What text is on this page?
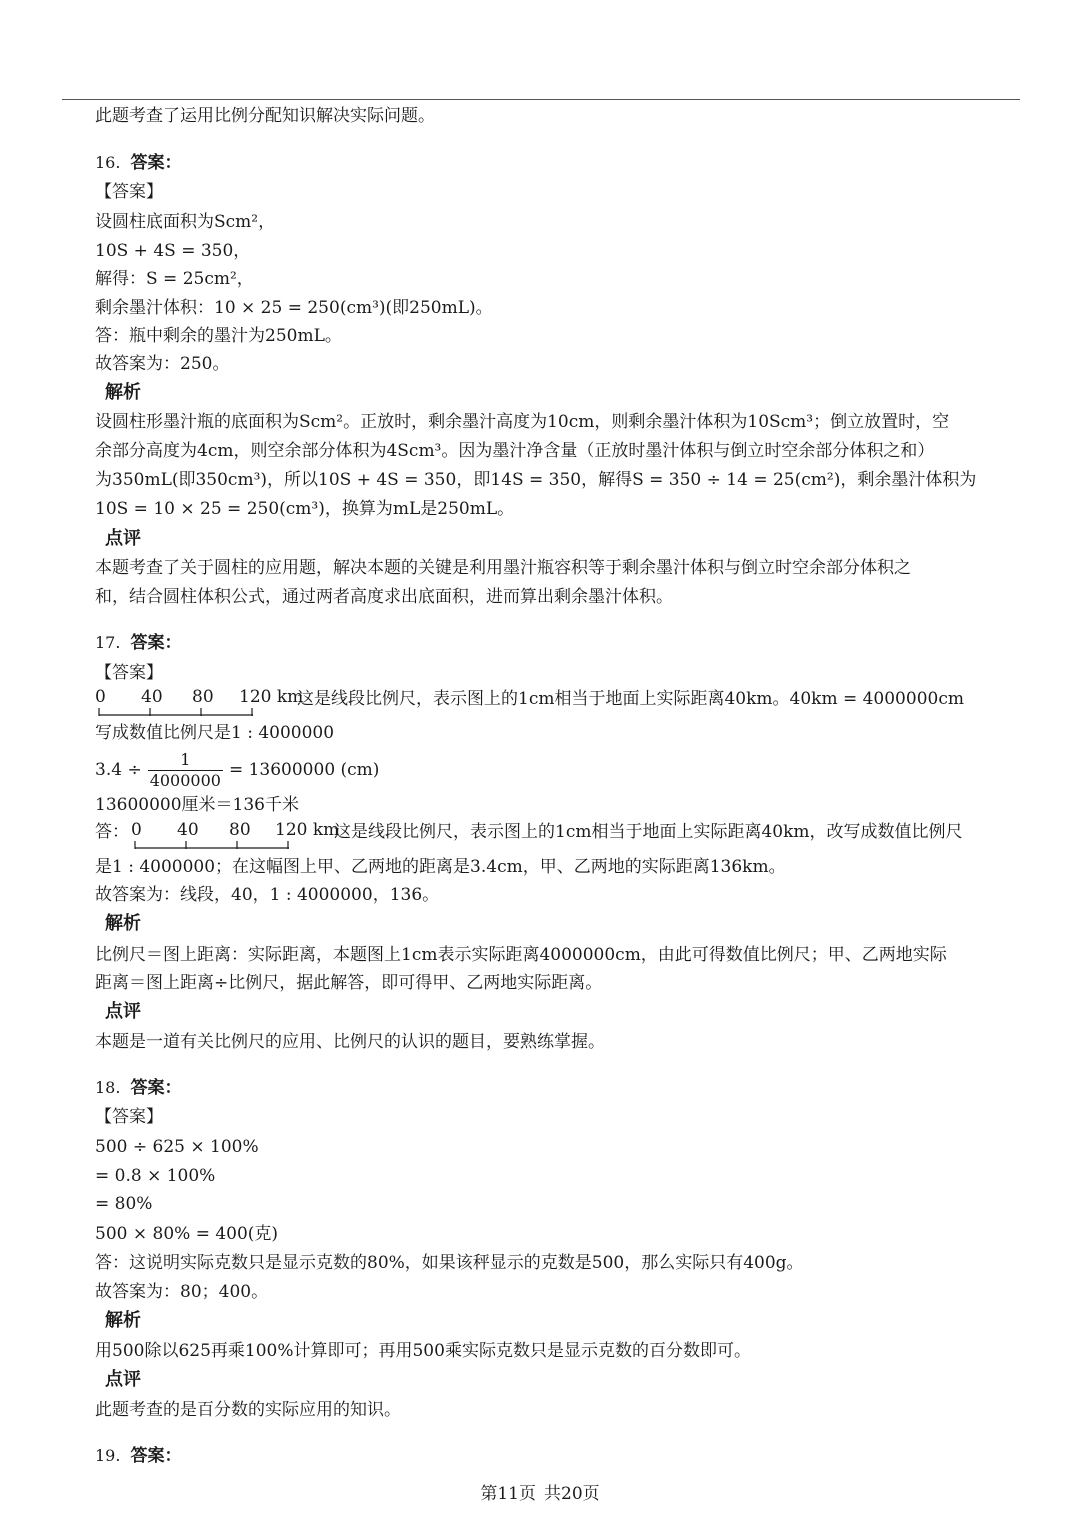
此题考查了运用比例分配知识解决实际问题。
16. 答案：
【答案】
设圆柱底面积为Scm²，
10S + 4S = 350，
解得：S = 25cm²，
剩余墨汁体积：10 × 25 = 250(cm³)(即250mL)。
答：瓶中剩余的墨汁为250mL。
故答案为：250。
解析
设圆柱形墨汁瓶的底面积为Scm²。正放时，剩余墨汁高度为10cm，则剩余墨汁体积为10Scm³；倒立放置时，空
余部分高度为4cm，则空余部分体积为4Scm³。因为墨汁净含量（正放时墨汁体积与倒立时空余部分体积之和）
为350mL(即350cm³)，所以10S + 4S = 350，即14S = 350，解得S = 350 ÷ 14 = 25(cm²)，剩余墨汁体积为
10S = 10 × 25 = 250(cm³)，换算为mL是250mL。
点评
本题考查了关于圆柱的应用题，解决本题的关键是利用墨汁瓶容积等于剩余墨汁体积与倒立时空余部分体积之
和，结合圆柱体积公式，通过两者高度求出底面积，进而算出剩余墨汁体积。
17. 答案：
【答案】
0 40 80 120 km
这是线段比例尺，表示图上的1cm相当于地面上实际距离40km。40km = 4000000cm
写成数值比例尺是1 : 4000000
$3.4 \div \frac{1}{4000000} = 13600000$ (cm)
13600000厘米＝136千米
答： 0 40 80 120 km
这是线段比例尺，表示图上的1cm相当于地面上实际距离40km，改写成数值比例尺
是1 : 4000000；在这幅图上甲、乙两地的距离是3.4cm，甲、乙两地的实际距离136km。
故答案为：线段，40，1 : 4000000，136。
解析
比例尺＝图上距离：实际距离，本题图上1cm表示实际距离4000000cm，由此可得数值比例尺；甲、乙两地实际
距离＝图上距离÷比例尺，据此解答，即可得甲、乙两地实际距离。
点评
本题是一道有关比例尺的应用、比例尺的认识的题目，要熟练掌握。
18. 答案：
【答案】
500 ÷ 625 × 100%
= 0.8 × 100%
= 80%
500 × 80% = 400(克)
答：这说明实际克数只是显示克数的80%，如果该秤显示的克数是500，那么实际只有400g。
故答案为：80；400。
解析
用500除以625再乘100%计算即可；再用500乘实际克数只是显示克数的百分数即可。
点评
此题考查的是百分数的实际应用的知识。
19. 答案：
第11页 共20页
